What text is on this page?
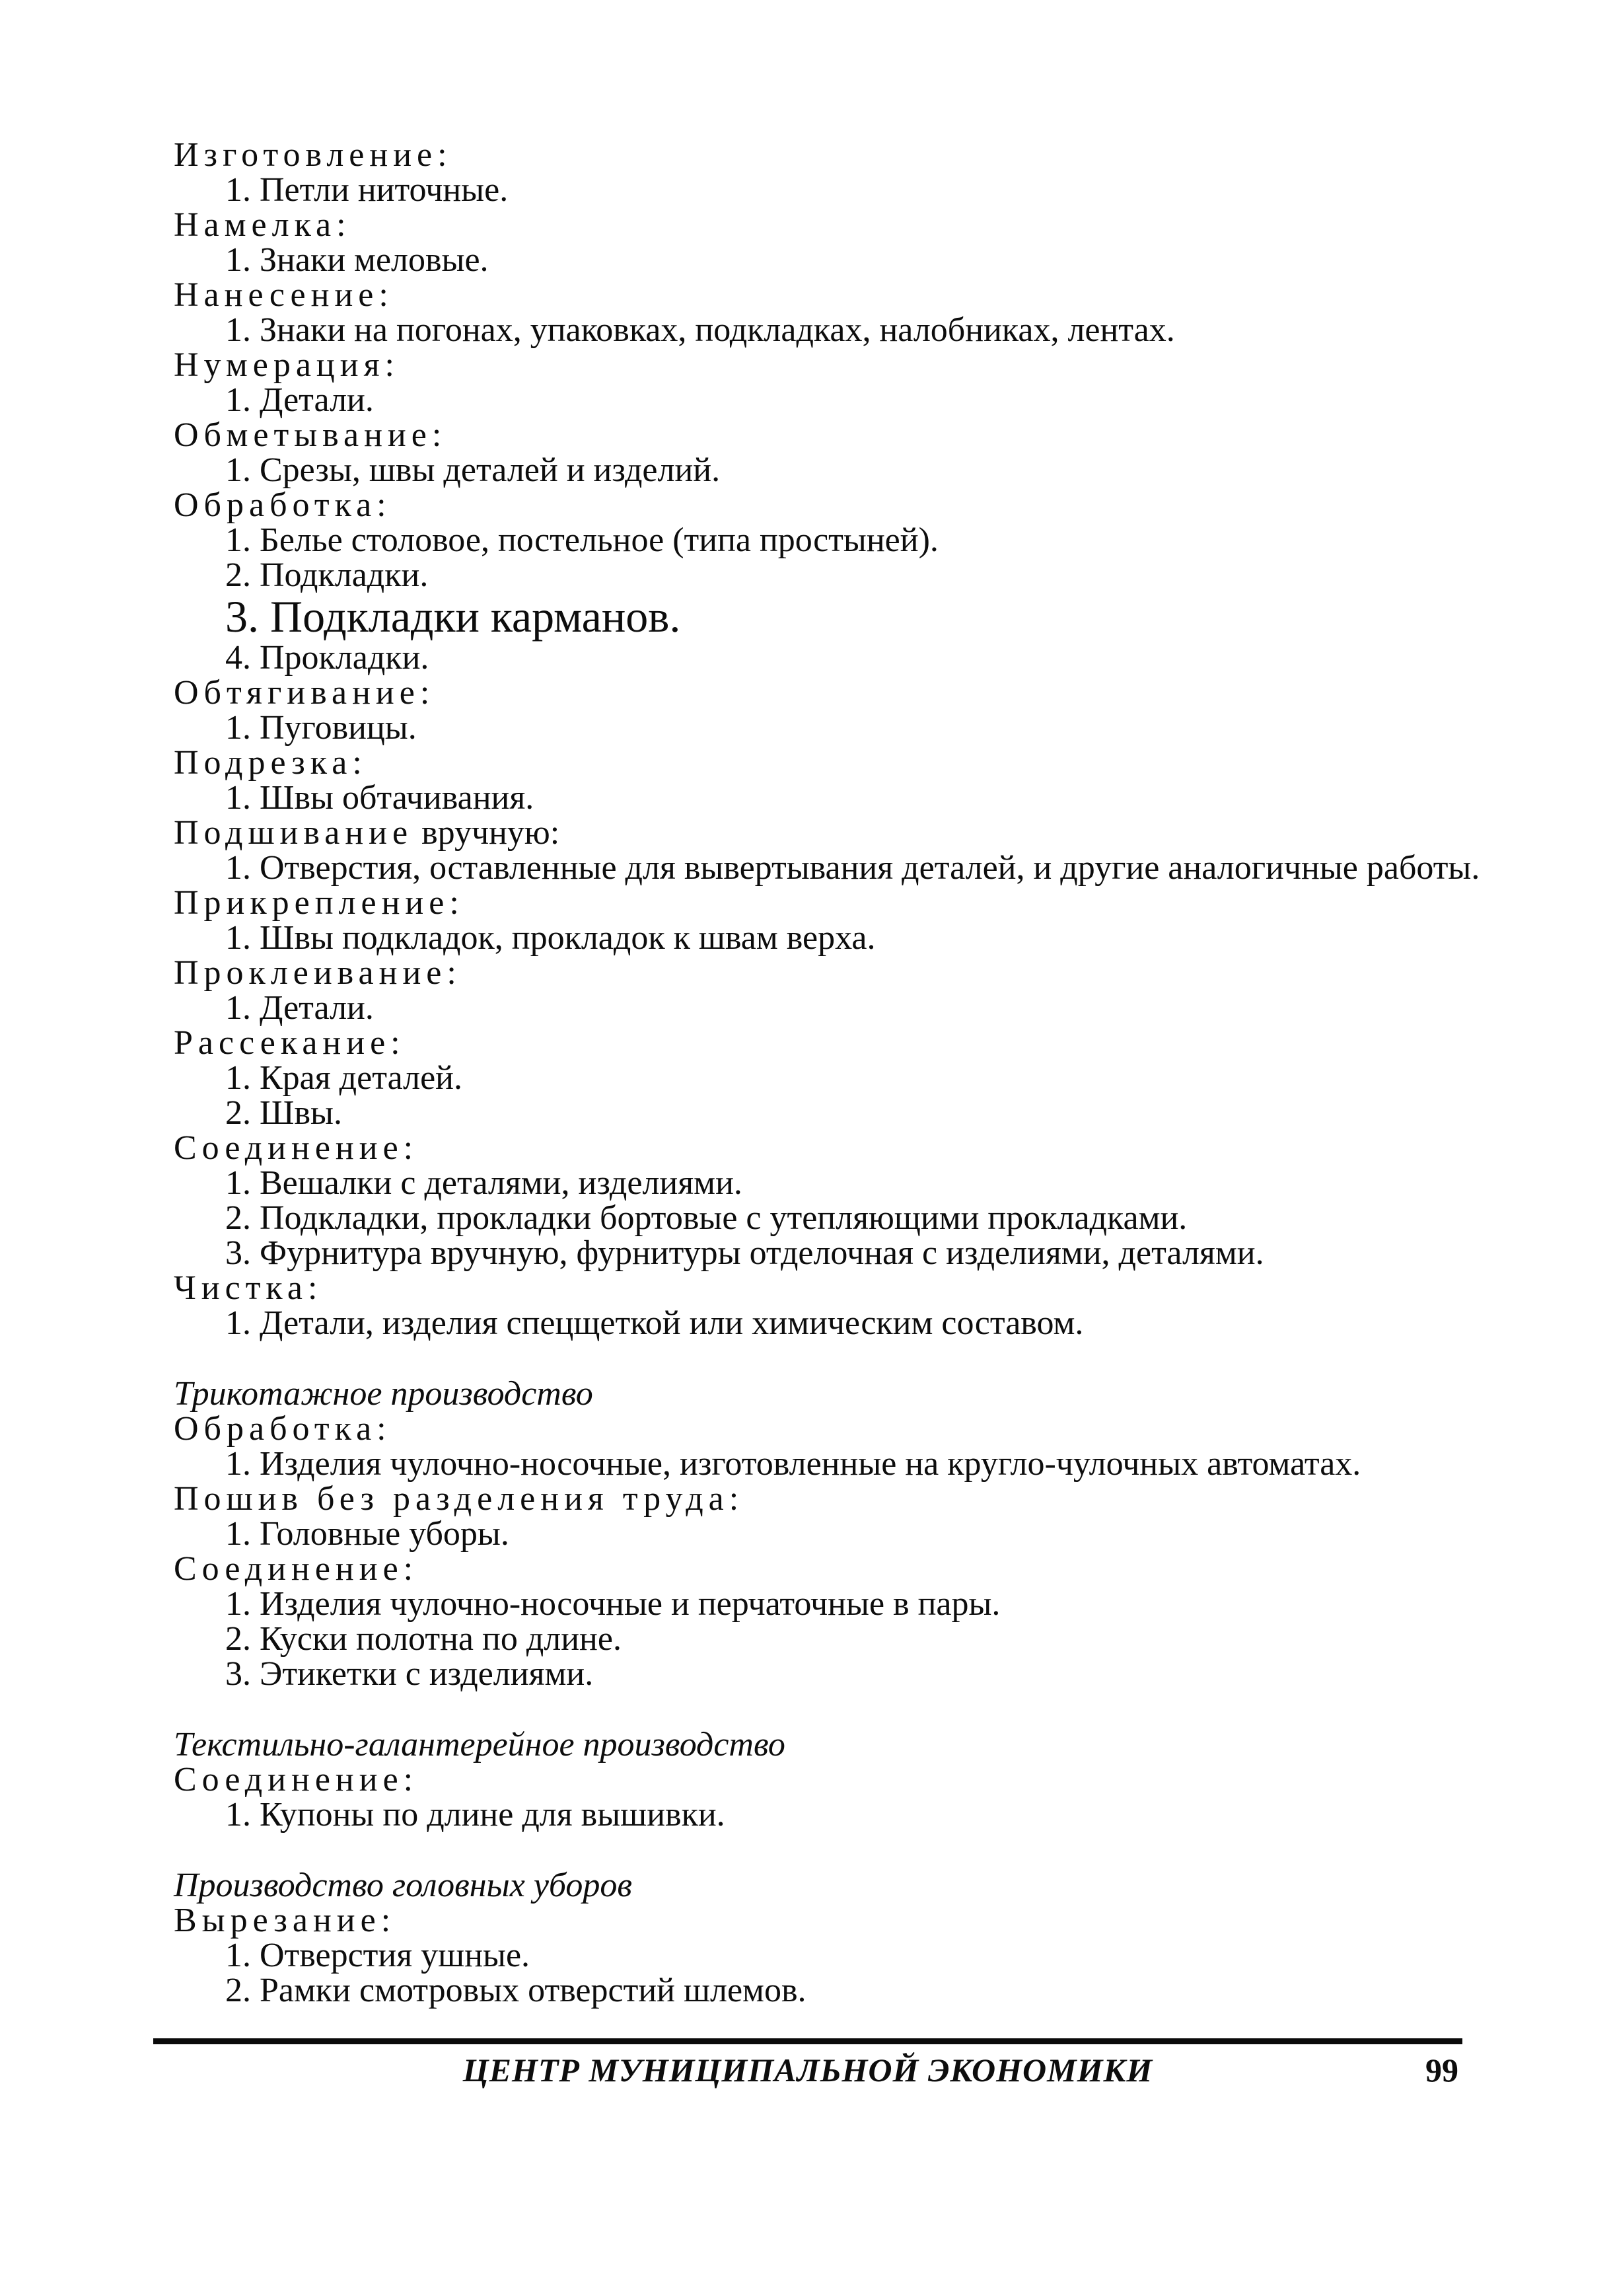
Изготовление:
1. Петли ниточные.
Намелка:
1. Знаки меловые.
Нанесение:
1. Знаки на погонах, упаковках, подкладках, налобниках, лентах.
Нумерация:
1. Детали.
Обметывание:
1. Срезы, швы деталей и изделий.
Обработка:
1. Белье столовое, постельное (типа простыней).
2. Подкладки.
3. Подкладки карманов.
4. Прокладки.
Обтягивание:
1. Пуговицы.
Подрезка:
1. Швы обтачивания.
Подшивание вручную:
1. Отверстия, оставленные для вывертывания деталей, и другие аналогичные работы.
Прикрепление:
1. Швы подкладок, прокладок к швам верха.
Проклеивание:
1. Детали.
Рассекание:
1. Края деталей.
2. Швы.
Соединение:
1. Вешалки с деталями, изделиями.
2. Подкладки, прокладки бортовые с утепляющими прокладками.
3. Фурнитура вручную, фурнитуры отделочная с изделиями, деталями.
Чистка:
1. Детали, изделия спецщеткой или химическим составом.
Трикотажное производство
Обработка:
1. Изделия чулочно-носочные, изготовленные на кругло-чулочных автоматах.
Пошив без разделения труда:
1. Головные уборы.
Соединение:
1. Изделия чулочно-носочные и перчаточные в пары.
2. Куски полотна по длине.
3. Этикетки с изделиями.
Текстильно-галантерейное производство
Соединение:
1. Купоны по длине для вышивки.
Производство головных уборов
Вырезание:
1. Отверстия ушные.
2. Рамки смотровых отверстий шлемов.
ЦЕНТР МУНИЦИПАЛЬНОЙ ЭКОНОМИКИ	99
